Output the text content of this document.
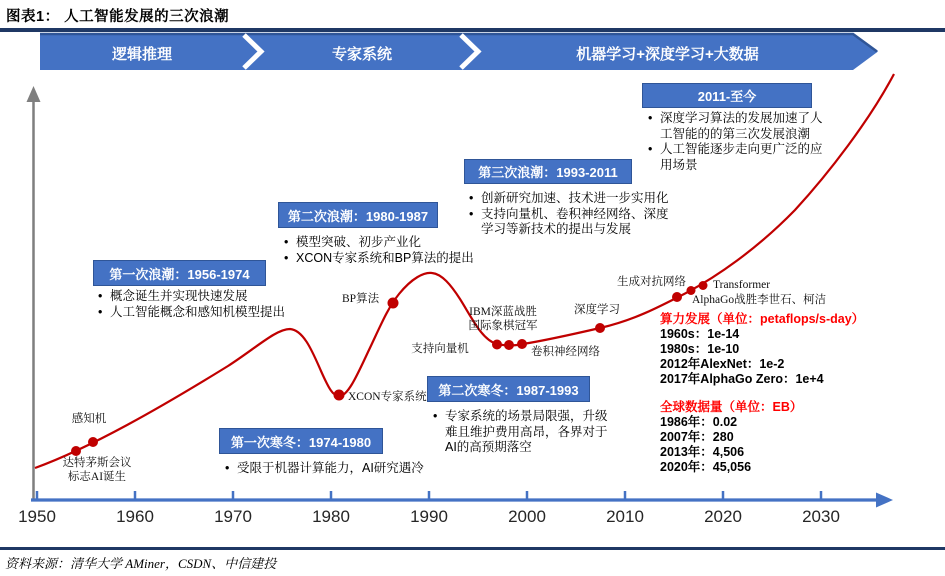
图表1： 人工智能发展的三次浪潮
逻辑推理	专家系统	机器学习+深度学习+大数据
第一次浪潮：1956-1974
• 概念诞生并实现快速发展
• 人工智能概念和感知机模型提出
第二次浪潮：1980-1987
• 模型突破、初步产业化
• XCON专家系统和BP算法的提出
第三次浪潮：1993-2011
• 创新研究加速、技术进一步实用化
• 支持向量机、卷积神经网络、深度学习等新技术的提出与发展
2011-至今
• 深度学习算法的发展加速了人工智能的的第三次发展浪潮
• 人工智能逐步走向更广泛的应用场景
第一次寒冬：1974-1980
• 受限于机器计算能力，AI研究遇冷
第二次寒冬：1987-1993
• 专家系统的场景局限强，升级难且维护费用高昂，各界对于AI的高预期落空
感知机
达特茅斯会议
标志AI诞生
XCON专家系统
BP算法
支持向量机
IBM深蓝战胜
国际象棋冠军
卷积神经网络
深度学习
生成对抗网络 Transformer
AlphaGo战胜李世石、柯洁
算力发展（单位：petaflops/s-day）
1960s：1e-14
1980s：1e-10
2012年AlexNet：1e-2
2017年AlphaGo Zero：1e+4
全球数据量（单位：EB）
1986年：0.02
2007年：280
2013年：4,506
2020年：45,056
1950	1960	1970	1980	1990	2000	2010	2020	2030
资料来源：清华大学 AMiner，CSDN、中信建投
